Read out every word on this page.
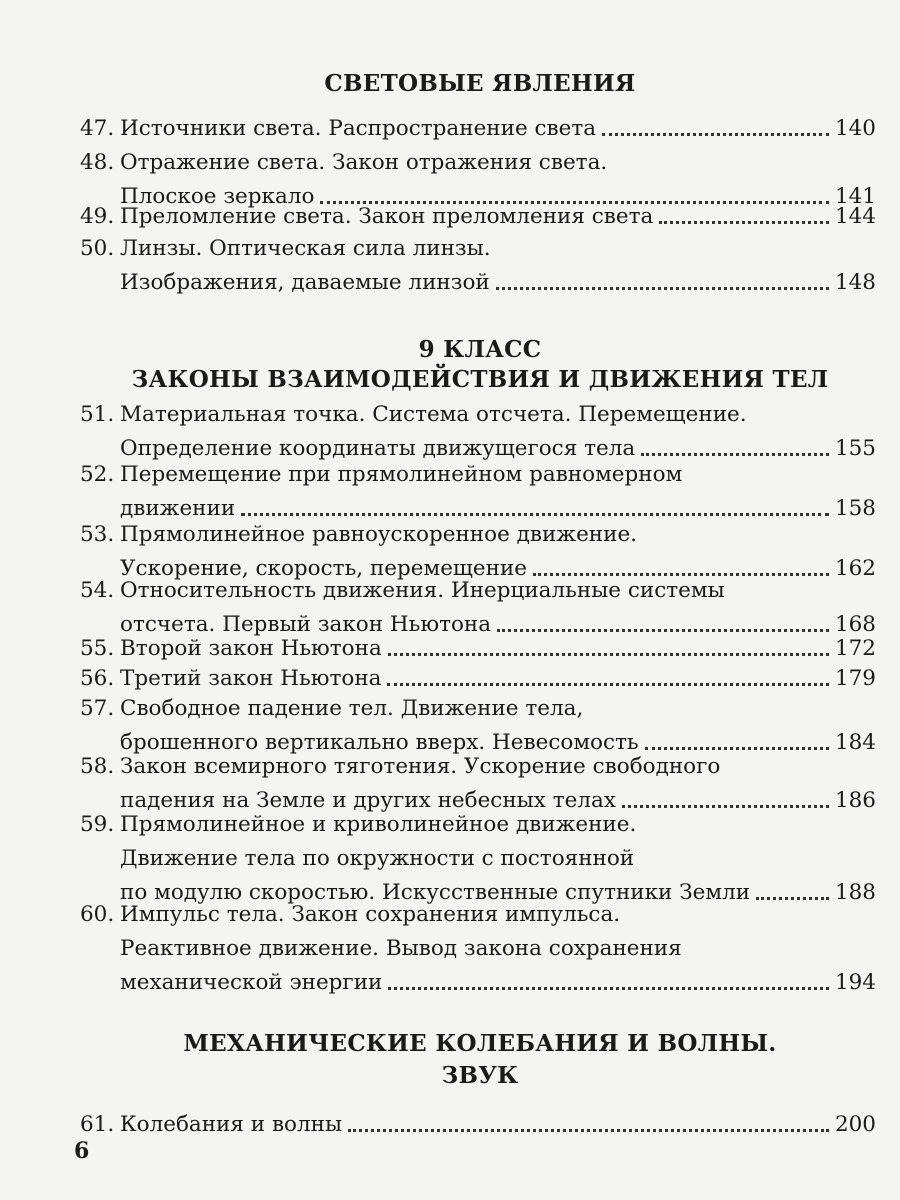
СВЕТОВЫЕ ЯВЛЕНИЯ
47. Источники света. Распространение света	140
48. Отражение света. Закон отражения света.
Плоское зеркало	141
49. Преломление света. Закон преломления света	144
50. Линзы. Оптическая сила линзы.
Изображения, даваемые линзой	148
9 КЛАСС
ЗАКОНЫ ВЗАИМОДЕЙСТВИЯ И ДВИЖЕНИЯ ТЕЛ
51. Материальная точка. Система отсчета. Перемещение.
Определение координаты движущегося тела	155
52. Перемещение при прямолинейном равномерном
движении	158
53. Прямолинейное равноускоренное движение.
Ускорение, скорость, перемещение	162
54. Относительность движения. Инерциальные системы
отсчета. Первый закон Ньютона	168
55. Второй закон Ньютона	172
56. Третий закон Ньютона	179
57. Свободное падение тел. Движение тела,
брошенного вертикально вверх. Невесомость	184
58. Закон всемирного тяготения. Ускорение свободного
падения на Земле и других небесных телах	186
59. Прямолинейное и криволинейное движение.
Движение тела по окружности с постоянной
по модулю скоростью. Искусственные спутники Земли	188
60. Импульс тела. Закон сохранения импульса.
Реактивное движение. Вывод закона сохранения
механической энергии	194
МЕХАНИЧЕСКИЕ КОЛЕБАНИЯ И ВОЛНЫ.
ЗВУК
61. Колебания и волны	200
6
